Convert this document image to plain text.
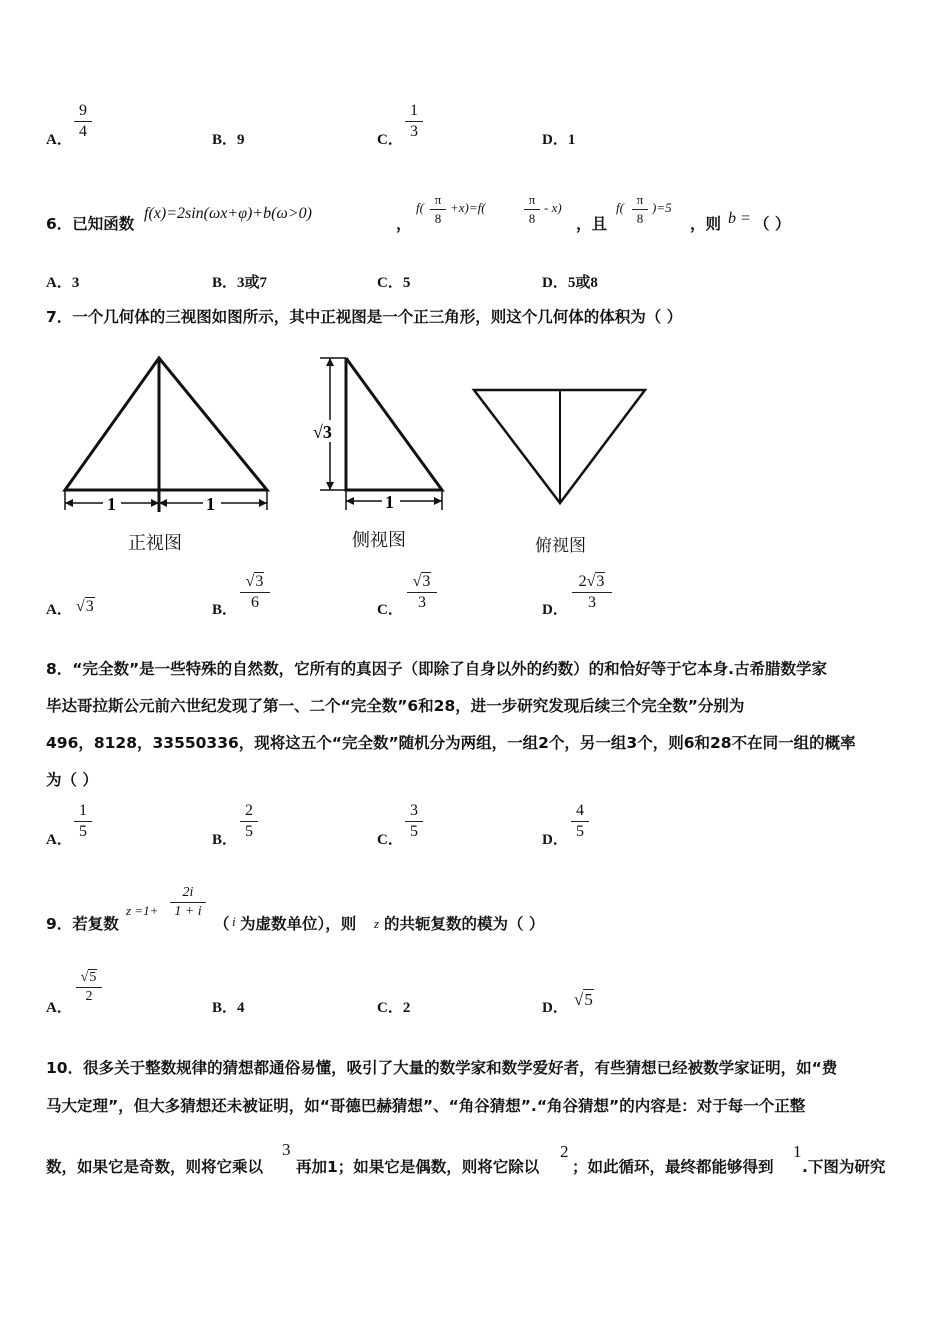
A．
9
4	B．9	C．
1
3	D．1
6．已知函数
f(x)=2sin(ωx+φ)+b(ω>0)
，
f(
π
8
+x)=f(
π
8
- x)
，且
f(
π
8
)=5
，则 b = （ ）
A．3	B．3或7	C．5	D．5或8
7．一个几何体的三视图如图所示，其中正视图是一个正三角形，则这个几何体的体积为（ ）
1	1
正视图
√3
1
侧视图	俯视图
A． √3	B．
√3
6	C．
√3
3	D．
2√3
3
8．“完全数”是一些特殊的自然数，它所有的真因子（即除了自身以外的约数）的和恰好等于它本身.古希腊数学家
毕达哥拉斯公元前六世纪发现了第一、二个“完全数”6和28，进一步研究发现后续三个完全数”分别为
496，8128，33550336，现将这五个“完全数”随机分为两组，一组2个，另一组3个，则6和28不在同一组的概率
为（ ）
A．
1
5	B．
2
5	C．
3
5	D．
4
5
9．若复数
z =1+
2i
1 + i
（ i 为虚数单位），则 z 的共轭复数的模为（ ）
A．
√5
2
B．4	C．2	D． √5
10．很多关于整数规律的猜想都通俗易懂，吸引了大量的数学家和数学爱好者，有些猜想已经被数学家证明，如“费
马大定理”，但大多猜想还未被证明，如“哥德巴赫猜想”、“角谷猜想”.“角谷猜想”的内容是：对于每一个正整
数，如果它是奇数，则将它乘以
3
再加1；如果它是偶数，则将它除以
2
；如此循环，最终都能够得到
1
.下图为研究
